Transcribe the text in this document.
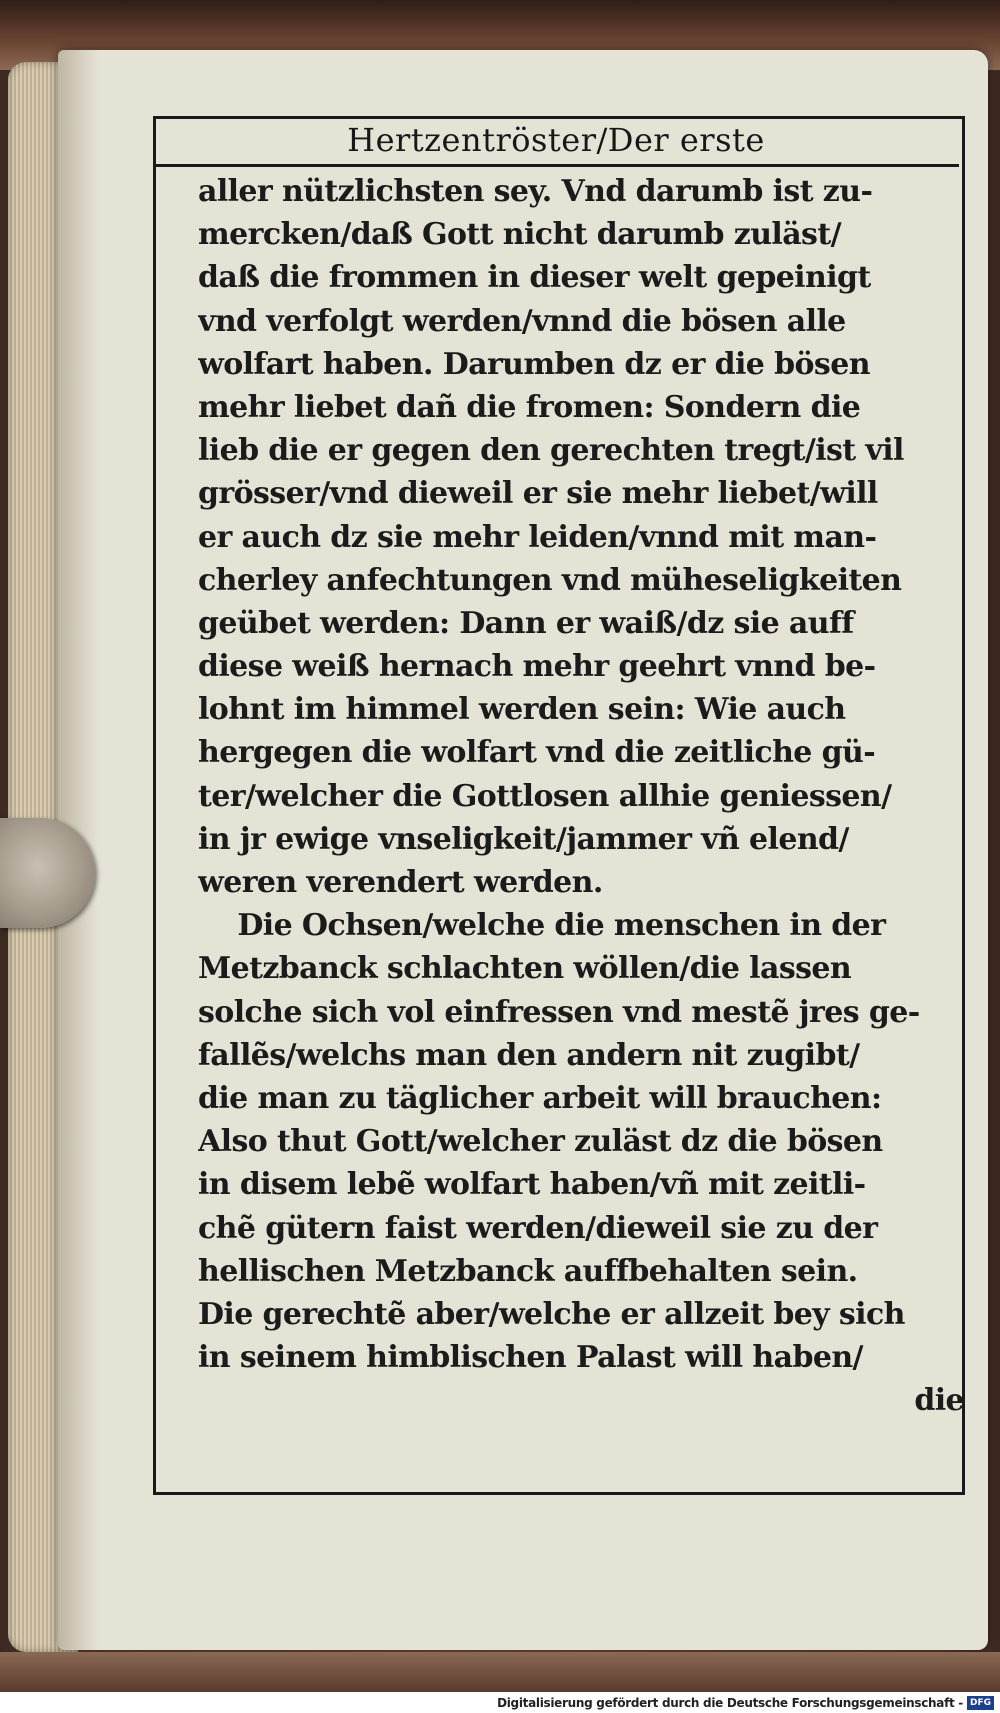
Hertzentröster/Der erste
aller nützlichsten sey. Vnd darumb ist zu-
mercken/daß Gott nicht darumb zuläst/
daß die frommen in dieser welt gepeinigt
vnd verfolgt werden/vnnd die bösen alle
wolfart haben. Darumben dz er die bösen
mehr liebet dañ die fromen: Sondern die
lieb die er gegen den gerechten tregt/ist vil
grösser/vnd dieweil er sie mehr liebet/will
er auch dz sie mehr leiden/vnnd mit man-
cherley anfechtungen vnd müheseligkeiten
geübet werden: Dann er waiß/dz sie auff
diese weiß hernach mehr geehrt vnnd be-
lohnt im himmel werden sein: Wie auch
hergegen die wolfart vnd die zeitliche gü-
ter/welcher die Gottlosen allhie geniessen/
in jr ewige vnseligkeit/jammer vñ elend/
weren verendert werden.
Die Ochsen/welche die menschen in der
Metzbanck schlachten wöllen/die lassen
solche sich vol einfressen vnd mestẽ jres ge-
fallẽs/welchs man den andern nit zugibt/
die man zu täglicher arbeit will brauchen:
Also thut Gott/welcher zuläst dz die bösen
in disem lebẽ wolfart haben/vñ mit zeitli-
chẽ gütern faist werden/dieweil sie zu der
hellischen Metzbanck auffbehalten sein.
Die gerechtẽ aber/welche er allzeit bey sich
in seinem himblischen Palast will haben/
die
Digitalisierung gefördert durch die Deutsche Forschungsgemeinschaft - DFG
